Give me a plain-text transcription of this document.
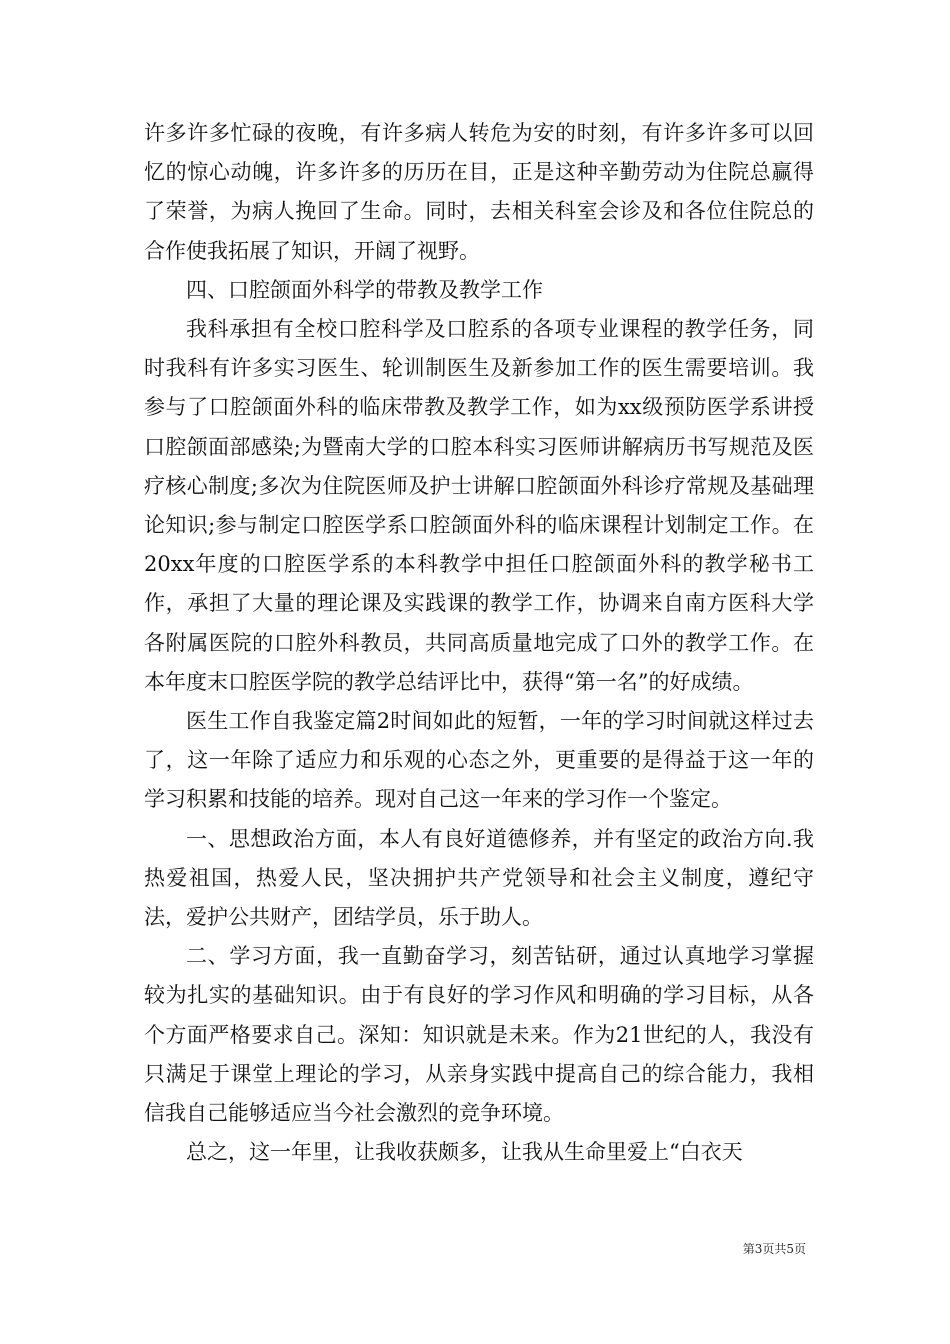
许多许多忙碌的夜晚，有许多病人转危为安的时刻，有许多许多可以回忆的惊心动魄，许多许多的历历在目，正是这种辛勤劳动为住院总赢得了荣誉，为病人挽回了生命。同时，去相关科室会诊及和各位住院总的合作使我拓展了知识，开阔了视野。

四、口腔颌面外科学的带教及教学工作

我科承担有全校口腔科学及口腔系的各项专业课程的教学任务，同时我科有许多实习医生、轮训制医生及新参加工作的医生需要培训。我参与了口腔颌面外科的临床带教及教学工作，如为xx级预防医学系讲授口腔颌面部感染;为暨南大学的口腔本科实习医师讲解病历书写规范及医疗核心制度;多次为住院医师及护士讲解口腔颌面外科诊疗常规及基础理论知识;参与制定口腔医学系口腔颌面外科的临床课程计划制定工作。在20xx年度的口腔医学系的本科教学中担任口腔颌面外科的教学秘书工作，承担了大量的理论课及实践课的教学工作，协调来自南方医科大学各附属医院的口腔外科教员，共同高质量地完成了口外的教学工作。在本年度末口腔医学院的教学总结评比中，获得“第一名”的好成绩。

医生工作自我鉴定篇2时间如此的短暂，一年的学习时间就这样过去了，这一年除了适应力和乐观的心态之外，更重要的是得益于这一年的学习积累和技能的培养。现对自己这一年来的学习作一个鉴定。

一、思想政治方面，本人有良好道德修养，并有坚定的政治方向.我热爱祖国，热爱人民，坚决拥护共产党领导和社会主义制度，遵纪守法，爱护公共财产，团结学员，乐于助人。

二、学习方面，我一直勤奋学习，刻苦钻研，通过认真地学习掌握较为扎实的基础知识。由于有良好的学习作风和明确的学习目标，从各个方面严格要求自己。深知：知识就是未来。作为21世纪的人，我没有只满足于课堂上理论的学习，从亲身实践中提高自己的综合能力，我相信我自己能够适应当今社会激烈的竞争环境。

总之，这一年里，让我收获颇多，让我从生命里爱上“白衣天

第3页共5页
